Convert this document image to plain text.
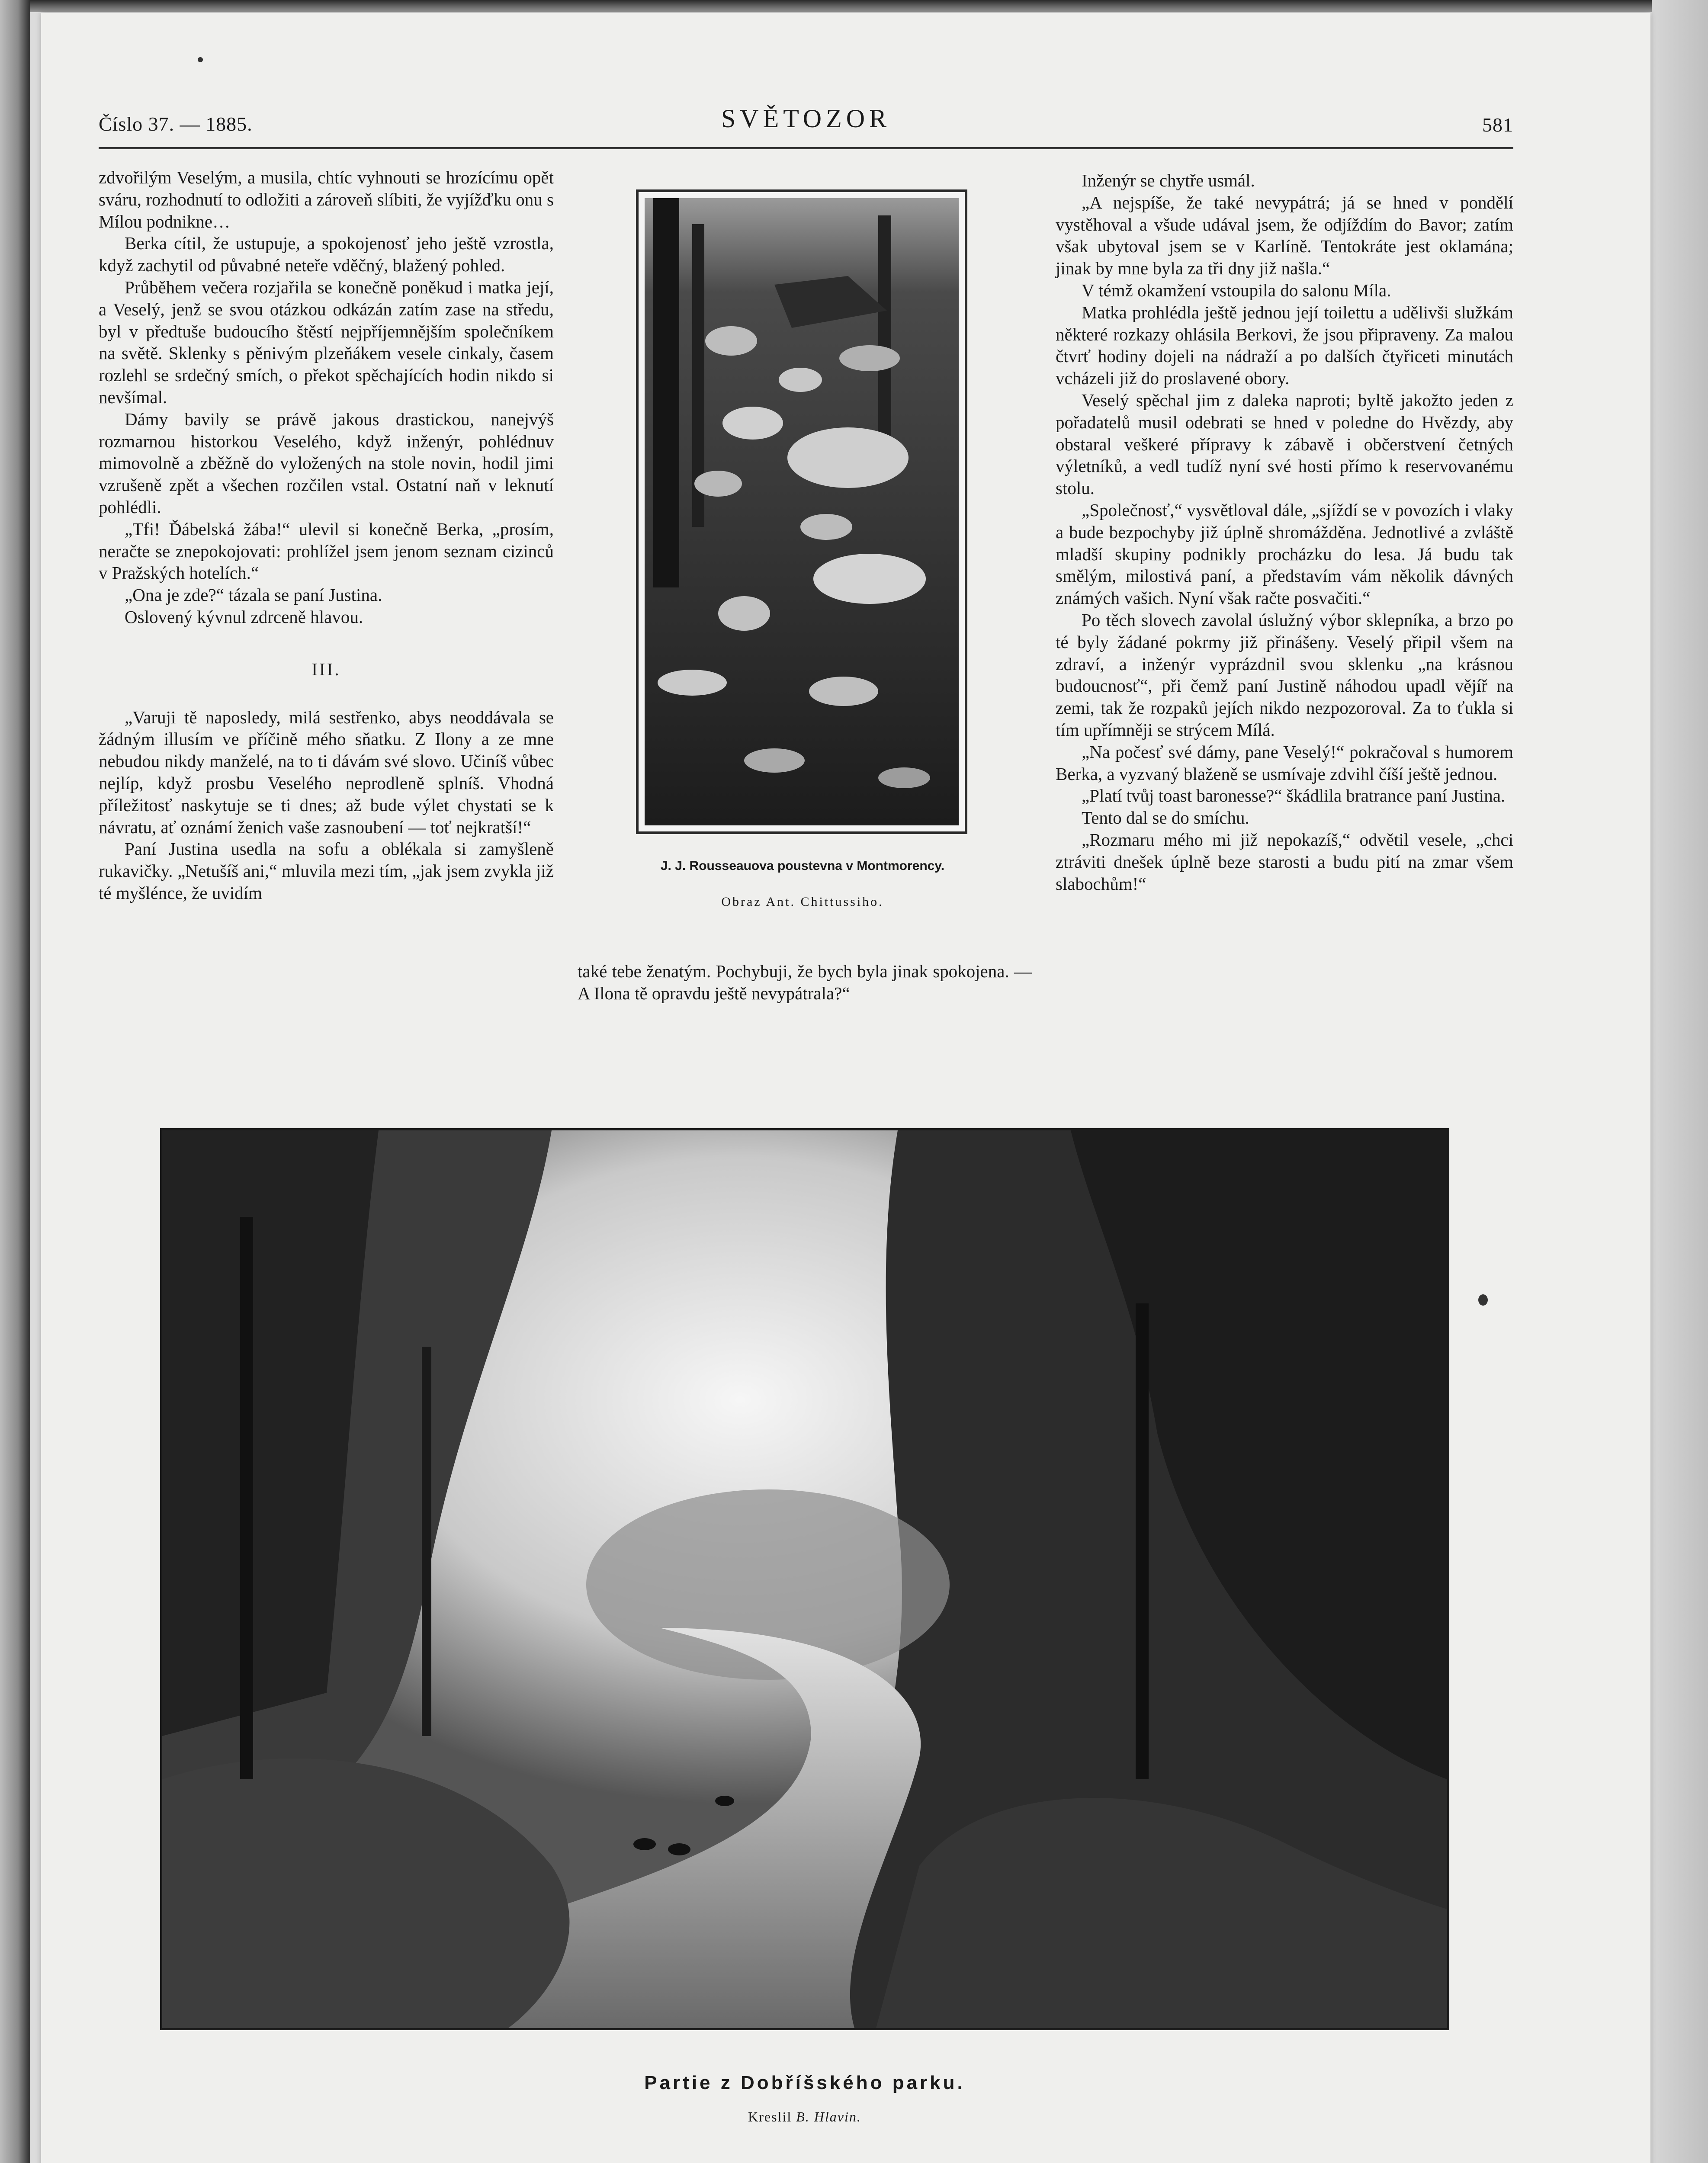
Číslo 37. — 1885.	SVĚTOZOR	581

zdvořilým Veselým, a musila, chtíc vyhnouti se hrozícímu opět sváru, rozhodnutí to odložiti a zároveň slíbiti, že vyjížďku onu s Mílou podnikne…

Berka cítil, že ustupuje, a spokojenosť jeho ještě vzrostla, když zachytil od půvabné neteře vděčný, blažený pohled.

Průběhem večera rozjařila se konečně poněkud i matka její, a Veselý, jenž se svou otázkou odkázán zatím zase na středu, byl v předtuše budoucího štěstí nejpříjemnějším společníkem na světě. Sklenky s pěnivým plzeňákem vesele cinkaly, časem rozlehl se srdečný smích, o překot spěchajících hodin nikdo si nevšímal.

Dámy bavily se právě jakous drastickou, nanejvýš rozmarnou historkou Veselého, když inženýr, pohlédnuv mimovolně a zběžně do vyložených na stole novin, hodil jimi vzrušeně zpět a všechen rozčilen vstal. Ostatní naň v leknutí pohlédli.

„Tfi! Ďábelská žába!“ ulevil si konečně Berka, „prosím, neračte se znepokojovati: prohlížel jsem jenom seznam cizinců v Pražských hotelích.“

„Ona je zde?“ tázala se paní Justina.

Oslovený kývnul zdrceně hlavou.

III.

„Varuji tě naposledy, milá sestřenko, abys neoddávala se žádným illusím ve příčině mého sňatku. Z Ilony a ze mne nebudou nikdy manželé, na to ti dávám své slovo. Učiníš vůbec nejlíp, když prosbu Veselého neprodleně splníš. Vhodná příležitosť naskytuje se ti dnes; až bude výlet chystati se k návratu, ať oznámí ženich vaše zasnoubení — toť nejkratší!“

Paní Justina usedla na sofu a oblékala si zamyšleně rukavičky. „Netušíš ani,“ mluvila mezi tím, „jak jsem zvykla již té myšlénce, že uvidím

J. J. Rousseauova poustevna v Montmorency.
Obraz Ant. Chittussiho.

také tebe ženatým. Pochybuji, že bych byla jinak spokojena. — A Ilona tě opravdu ještě nevypátrala?“

Inženýr se chytře usmál.

„A nejspíše, že také nevypátrá; já se hned v pondělí vystěhoval a všude udával jsem, že odjíždím do Bavor; zatím však ubytoval jsem se v Karlíně. Tentokráte jest oklamána; jinak by mne byla za tři dny již našla.“

V témž okamžení vstoupila do salonu Míla.

Matka prohlédla ještě jednou její toilettu a udělivši služkám některé rozkazy ohlásila Berkovi, že jsou připraveny. Za malou čtvrť hodiny dojeli na nádraží a po dalších čtyřiceti minutách vcházeli již do proslavené obory.

Veselý spěchal jim z daleka naproti; byltě jakožto jeden z pořadatelů musil odebrati se hned v poledne do Hvězdy, aby obstaral veškeré přípravy k zábavě i občerstvení četných výletníků, a vedl tudíž nyní své hosti přímo k reservovanému stolu.

„Společnosť,“ vysvětloval dále, „sjíždí se v povozích i vlaky a bude bezpochyby již úplně shromážděna. Jednotlivé a zvláště mladší skupiny podnikly procházku do lesa. Já budu tak smělým, milostivá paní, a představím vám několik dávných známých vašich. Nyní však račte posvačiti.“

Po těch slovech zavolal úslužný výbor sklepníka, a brzo po té byly žádané pokrmy již přinášeny. Veselý připil všem na zdraví, a inženýr vyprázdnil svou sklenku „na krásnou budoucnosť“, při čemž paní Justině náhodou upadl vějíř na zemi, tak že rozpaků jejích nikdo nezpozoroval. Za to ťukla si tím upřímněji se strýcem Mílá.

„Na počesť své dámy, pane Veselý!“ pokračoval s humorem Berka, a vyzvaný blaženě se usmívaje zdvihl číší ještě jednou.

„Platí tvůj toast baronesse?“ škádlila bratrance paní Justina.

Tento dal se do smíchu.

„Rozmaru mého mi již nepokazíš,“ odvětil vesele, „chci ztráviti dnešek úplně beze starosti a budu pití na zmar všem slabochům!“

Partie z Dobříšského parku.
Kreslil B. Hlavin.
